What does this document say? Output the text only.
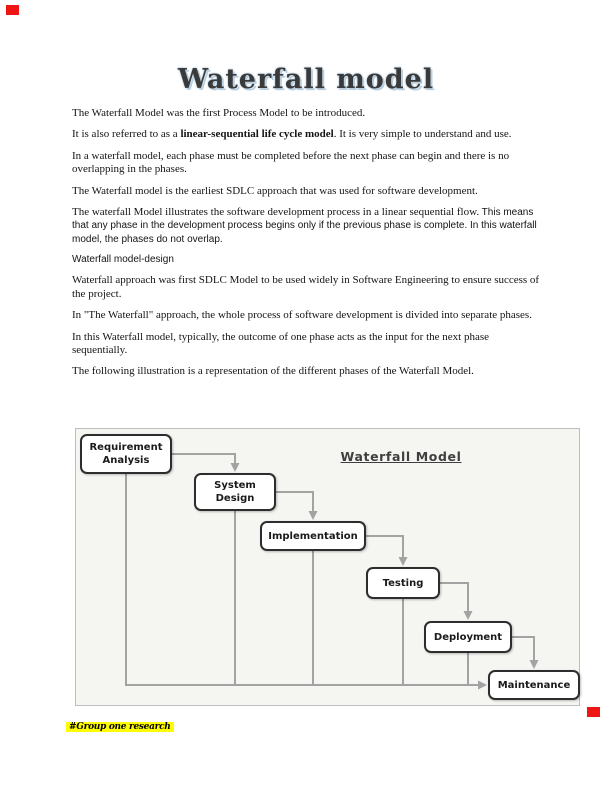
Waterfall model

The Waterfall Model was the first Process Model to be introduced.

It is also referred to as a linear-sequential life cycle model. It is very simple to understand and use.

In a waterfall model, each phase must be completed before the next phase can begin and there is no overlapping in the phases.

The Waterfall model is the earliest SDLC approach that was used for software development.

The waterfall Model illustrates the software development process in a linear sequential flow. This means that any phase in the development process begins only if the previous phase is complete. In this waterfall model, the phases do not overlap.

Waterfall model-design

Waterfall approach was first SDLC Model to be used widely in Software Engineering to ensure success of the project.

In "The Waterfall" approach, the whole process of software development is divided into separate phases.

In this Waterfall model, typically, the outcome of one phase acts as the input for the next phase sequentially.

The following illustration is a representation of the different phases of the Waterfall Model.

Waterfall Model
Requirement Analysis
System Design
Implementation
Testing
Deployment
Maintenance
#Group one research
